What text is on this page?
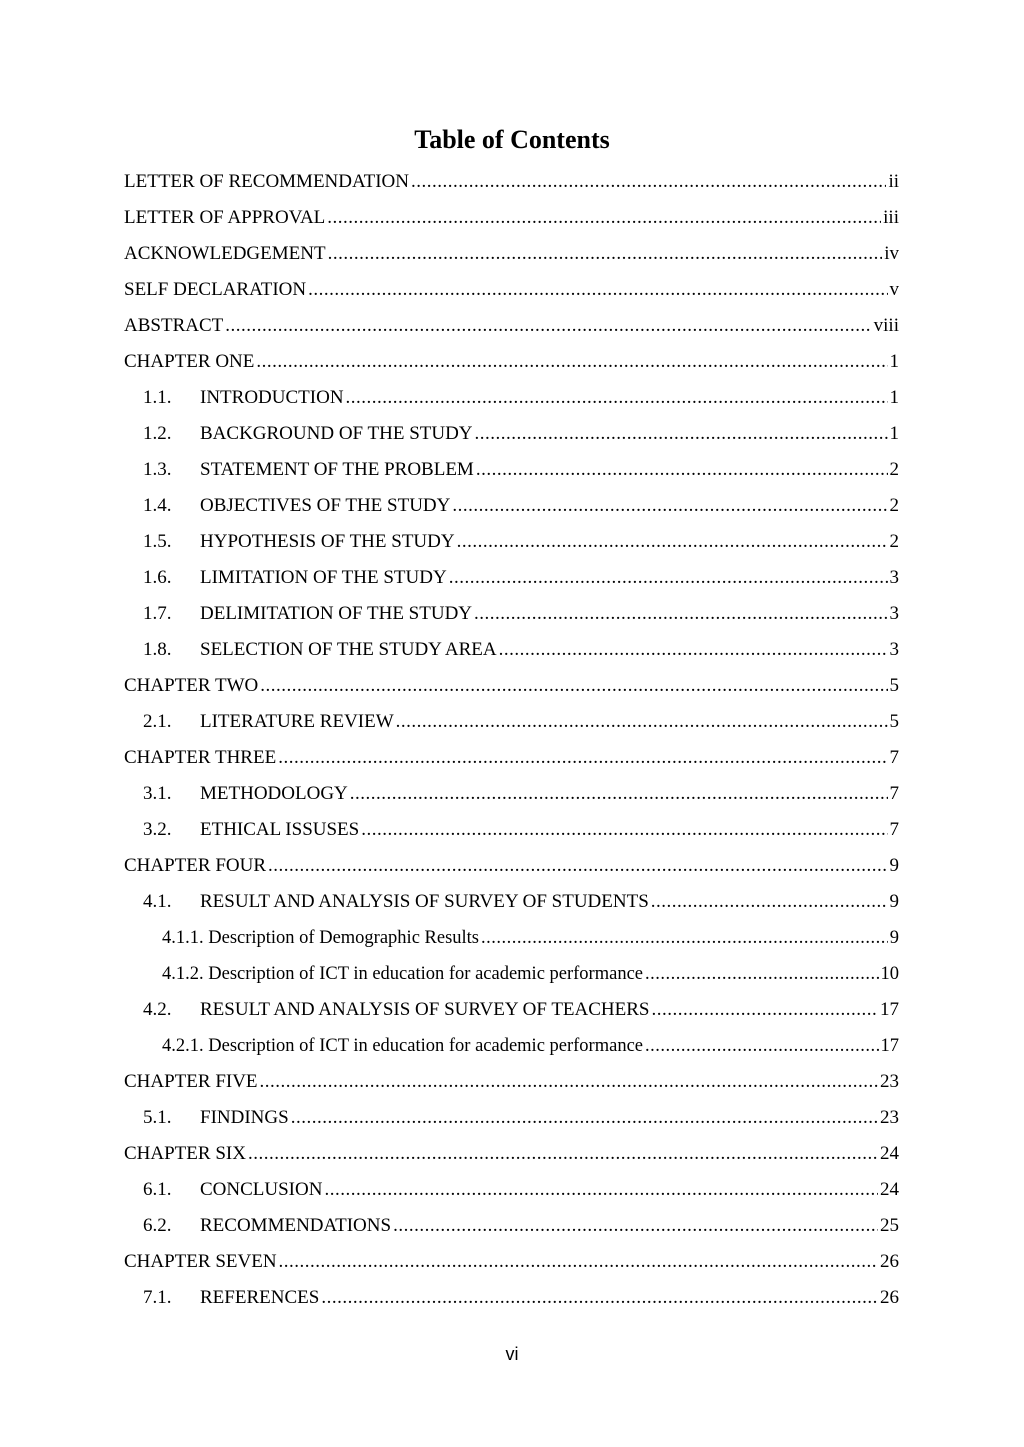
Table of Contents
LETTER OF RECOMMENDATION .....	ii
LETTER OF APPROVAL .....	iii
ACKNOWLEDGEMENT .....	iv
SELF DECLARATION .....	v
ABSTRACT .....	viii
CHAPTER ONE .....	1
1.1.	INTRODUCTION .....	1
1.2.	BACKGROUND OF THE STUDY .....	1
1.3.	STATEMENT OF THE PROBLEM .....	2
1.4.	OBJECTIVES OF THE STUDY .....	2
1.5.	HYPOTHESIS OF THE STUDY .....	2
1.6.	LIMITATION OF THE STUDY .....	3
1.7.	DELIMITATION OF THE STUDY .....	3
1.8.	SELECTION OF THE STUDY AREA .....	3
CHAPTER TWO .....	5
2.1.	LITERATURE REVIEW .....	5
CHAPTER THREE .....	7
3.1.	METHODOLOGY .....	7
3.2.	ETHICAL ISSUSES .....	7
CHAPTER FOUR .....	9
4.1.	RESULT AND ANALYSIS OF SURVEY OF STUDENTS .....	9
4.1.1. Description of Demographic Results .....	9
4.1.2. Description of ICT in education for academic performance .....	10
4.2.	RESULT AND ANALYSIS OF SURVEY OF TEACHERS .....	17
4.2.1. Description of ICT in education for academic performance .....	17
CHAPTER FIVE .....	23
5.1.	FINDINGS .....	23
CHAPTER SIX .....	24
6.1.	CONCLUSION .....	24
6.2.	RECOMMENDATIONS .....	25
CHAPTER SEVEN .....	26
7.1.	REFERENCES .....	26
vi
